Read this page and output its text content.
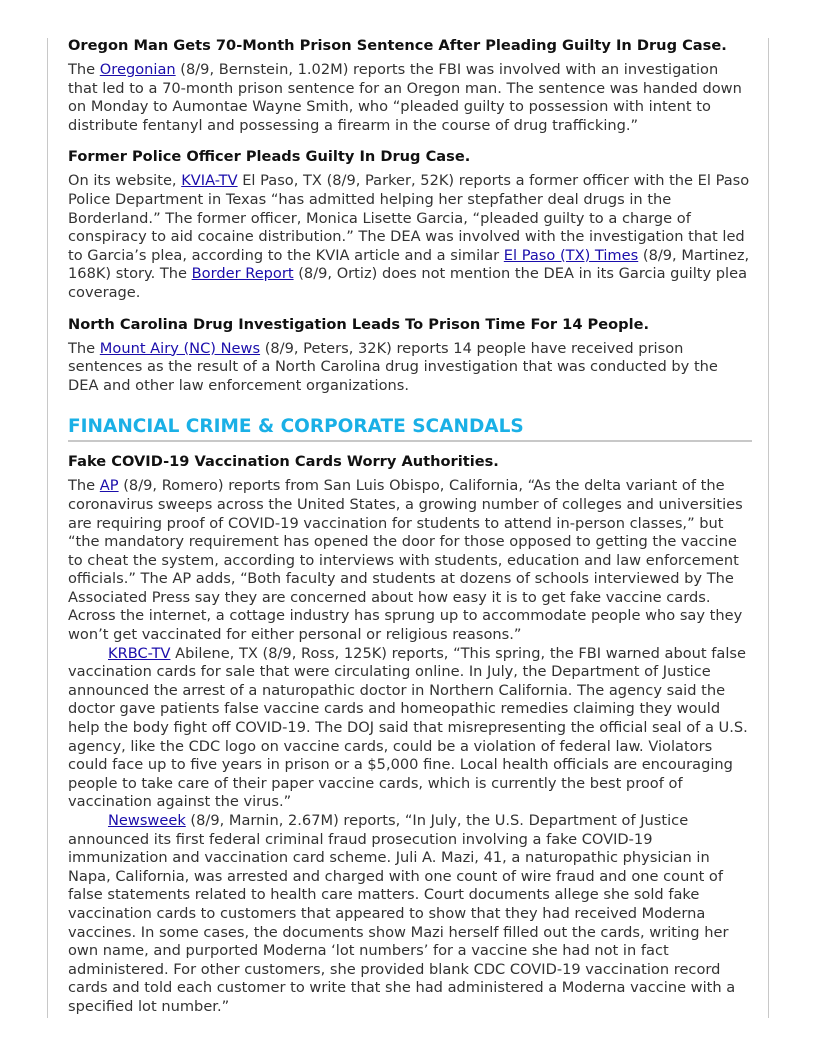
Oregon Man Gets 70-Month Prison Sentence After Pleading Guilty In Drug Case.

The Oregonian (8/9, Bernstein, 1.02M) reports the FBI was involved with an investigation that led to a 70-month prison sentence for an Oregon man. The sentence was handed down on Monday to Aumontae Wayne Smith, who “pleaded guilty to possession with intent to distribute fentanyl and possessing a firearm in the course of drug trafficking.”

Former Police Officer Pleads Guilty In Drug Case.

On its website, KVIA-TV El Paso, TX (8/9, Parker, 52K) reports a former officer with the El Paso Police Department in Texas “has admitted helping her stepfather deal drugs in the Borderland.” The former officer, Monica Lisette Garcia, “pleaded guilty to a charge of conspiracy to aid cocaine distribution.” The DEA was involved with the investigation that led to Garcia’s plea, according to the KVIA article and a similar El Paso (TX) Times (8/9, Martinez, 168K) story. The Border Report (8/9, Ortiz) does not mention the DEA in its Garcia guilty plea coverage.

North Carolina Drug Investigation Leads To Prison Time For 14 People.

The Mount Airy (NC) News (8/9, Peters, 32K) reports 14 people have received prison sentences as the result of a North Carolina drug investigation that was conducted by the DEA and other law enforcement organizations.

FINANCIAL CRIME & CORPORATE SCANDALS
Fake COVID-19 Vaccination Cards Worry Authorities.

The AP (8/9, Romero) reports from San Luis Obispo, California, “As the delta variant of the coronavirus sweeps across the United States, a growing number of colleges and universities are requiring proof of COVID-19 vaccination for students to attend in-person classes,” but “the mandatory requirement has opened the door for those opposed to getting the vaccine to cheat the system, according to interviews with students, education and law enforcement officials.” The AP adds, “Both faculty and students at dozens of schools interviewed by The Associated Press say they are concerned about how easy it is to get fake vaccine cards. Across the internet, a cottage industry has sprung up to accommodate people who say they won’t get vaccinated for either personal or religious reasons.”

KRBC-TV Abilene, TX (8/9, Ross, 125K) reports, “This spring, the FBI warned about false vaccination cards for sale that were circulating online. In July, the Department of Justice announced the arrest of a naturopathic doctor in Northern California. The agency said the doctor gave patients false vaccine cards and homeopathic remedies claiming they would help the body fight off COVID-19. The DOJ said that misrepresenting the official seal of a U.S. agency, like the CDC logo on vaccine cards, could be a violation of federal law. Violators could face up to five years in prison or a $5,000 fine. Local health officials are encouraging people to take care of their paper vaccine cards, which is currently the best proof of vaccination against the virus.”

Newsweek (8/9, Marnin, 2.67M) reports, “In July, the U.S. Department of Justice announced its first federal criminal fraud prosecution involving a fake COVID-19 immunization and vaccination card scheme. Juli A. Mazi, 41, a naturopathic physician in Napa, California, was arrested and charged with one count of wire fraud and one count of false statements related to health care matters. Court documents allege she sold fake vaccination cards to customers that appeared to show that they had received Moderna vaccines. In some cases, the documents show Mazi herself filled out the cards, writing her own name, and purported Moderna ‘lot numbers’ for a vaccine she had not in fact administered. For other customers, she provided blank CDC COVID-19 vaccination record cards and told each customer to write that she had administered a Moderna vaccine with a specified lot number.”
